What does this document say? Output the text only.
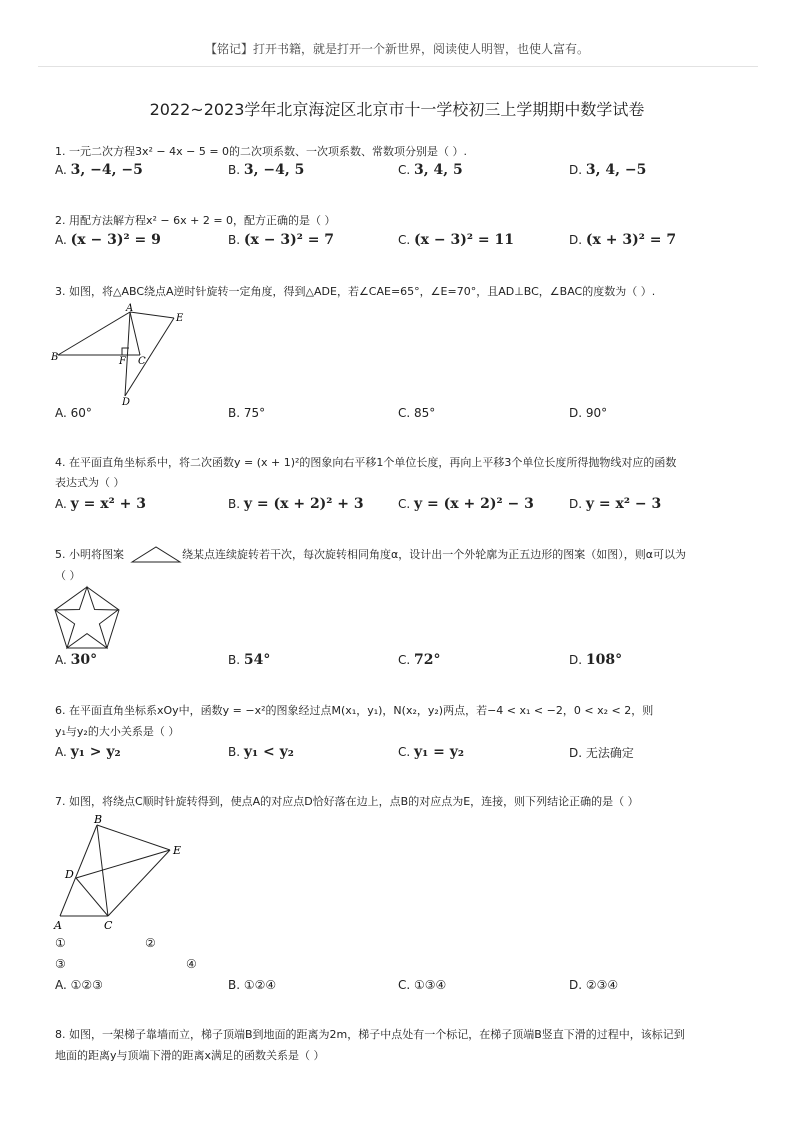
【铭记】打开书籍，就是打开一个新世界，阅读使人明智，也使人富有。
2022~2023学年北京海淀区北京市十一学校初三上学期期中数学试卷
1. 一元二次方程3x² − 4x − 5 = 0的二次项系数、一次项系数、常数项分别是（ ）.
A. 3, −4, −5	B. 3, −4, 5	C. 3, 4, 5	D. 3, 4, −5
2. 用配方法解方程x² − 6x + 2 = 0，配方正确的是（ ）
A. (x − 3)² = 9	B. (x − 3)² = 7	C. (x − 3)² = 11	D. (x + 3)² = 7
3. 如图，将△ABC绕点A逆时针旋转一定角度，得到△ADE，若∠CAE=65°，∠E=70°，且AD⊥BC，∠BAC的度数为（ ）.
A
E
B	F C
D
A. 60°	B. 75°	C. 85°	D. 90°
4. 在平面直角坐标系中，将二次函数y = (x + 1)²的图象向右平移1个单位长度，再向上平移3个单位长度所得抛物线对应的函数
表达式为（ ）
A. y = x² + 3	B. y = (x + 2)² + 3	C. y = (x + 2)² − 3	D. y = x² − 3
5. 小明将图案	绕某点连续旋转若干次，每次旋转相同角度α，设计出一个外轮廓为正五边形的图案（如图），则α可以为
（ ）
A. 30°	B. 54°	C. 72°	D. 108°
6. 在平面直角坐标系xOy中，函数y = −x²的图象经过点M(x₁，y₁)，N(x₂，y₂)两点，若−4 < x₁ < −2，0 < x₂ < 2，则
y₁与y₂的大小关系是（ ）
A. y₁ > y₂	B. y₁ < y₂	C. y₁ = y₂	D. 无法确定
7. 如图，将绕点C顺时针旋转得到，使点A的对应点D恰好落在边上，点B的对应点为E，连接，则下列结论正确的是（ ）
B
E
D
A	C
①	②
③	④
A. ①②③	B. ①②④	C. ①③④	D. ②③④
8. 如图，一架梯子靠墙而立，梯子顶端B到地面的距离为2m，梯子中点处有一个标记，在梯子顶端B竖直下滑的过程中，该标记到
地面的距离y与顶端下滑的距离x满足的函数关系是（ ）
